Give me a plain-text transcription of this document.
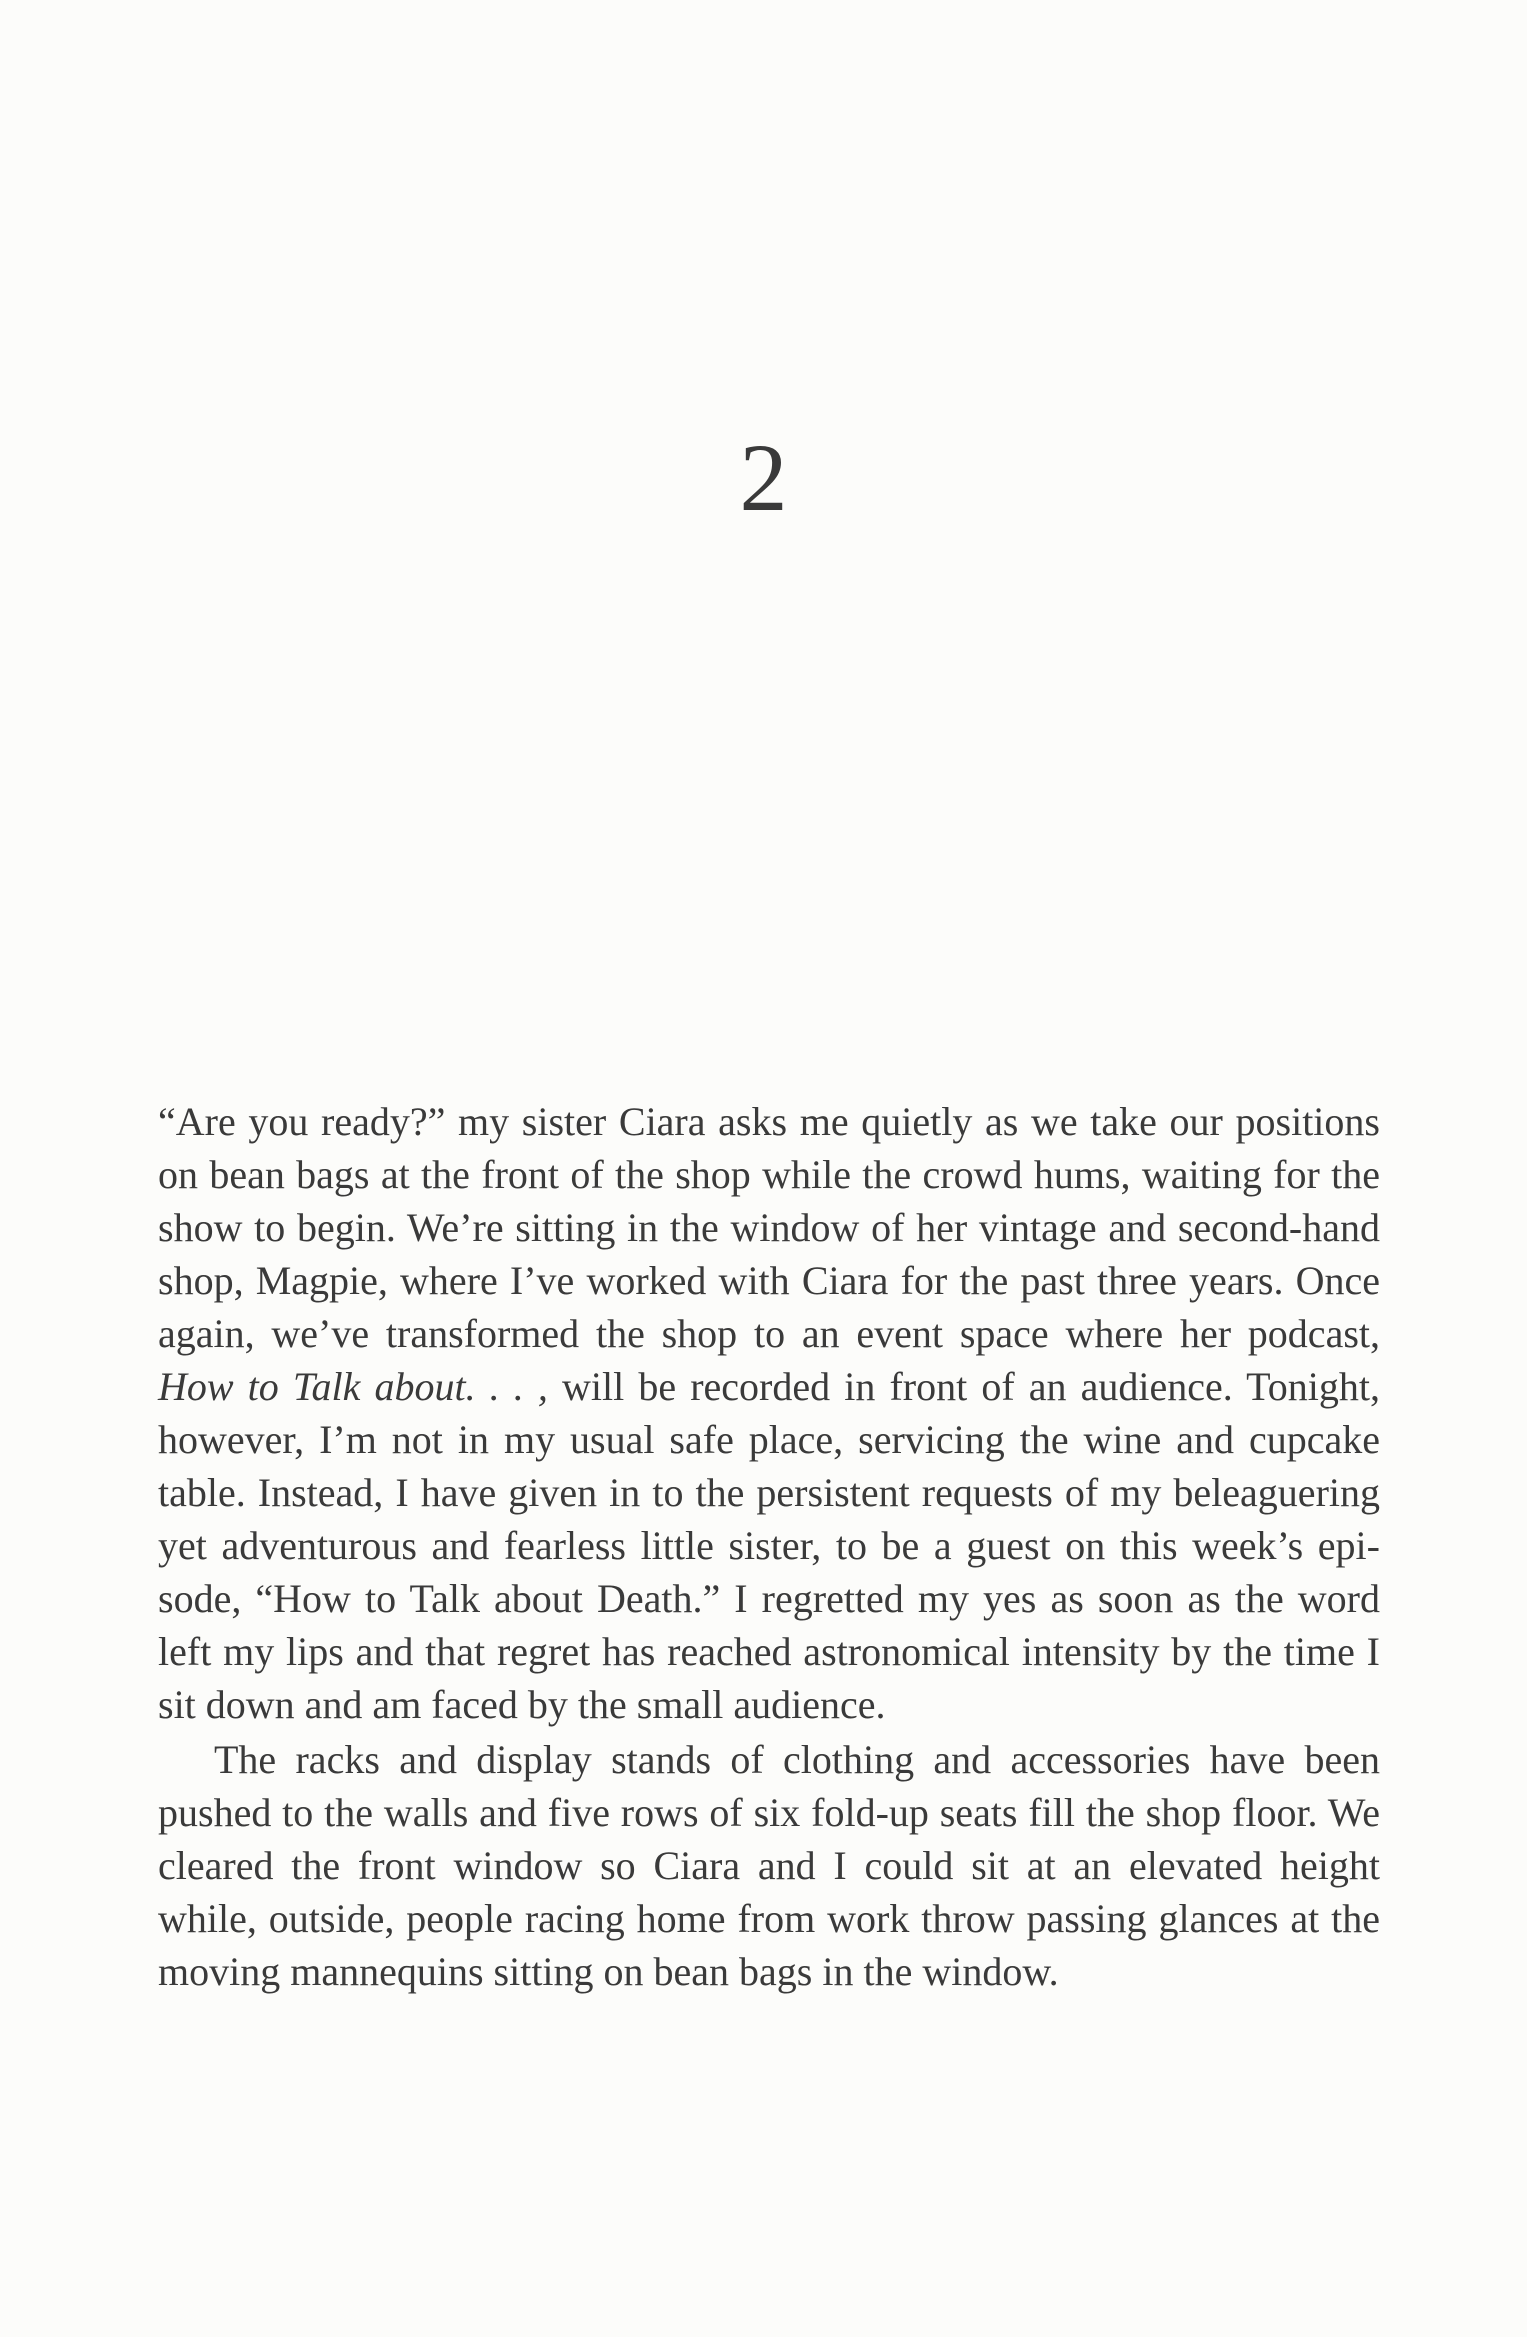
2

“Are you ready?” my sister Ciara asks me quietly as we take our positions on bean bags at the front of the shop while the crowd hums, waiting for the show to begin. We’re sitting in the window of her vintage and second-hand shop, Magpie, where I’ve worked with Ciara for the past three years. Once again, we’ve transformed the shop to an event space where her podcast, How to Talk about. . . , will be recorded in front of an audience. Tonight, however, I’m not in my usual safe place, servicing the wine and cupcake table. Instead, I have given in to the persistent requests of my beleaguering yet adventurous and fearless little sister, to be a guest on this week’s episode, “How to Talk about Death.” I regretted my yes as soon as the word left my lips and that regret has reached astronomical intensity by the time I sit down and am faced by the small audience.

The racks and display stands of clothing and accessories have been pushed to the walls and five rows of six fold-up seats fill the shop floor. We cleared the front window so Ciara and I could sit at an elevated height while, outside, people racing home from work throw passing glances at the moving mannequins sitting on bean bags in the window.
